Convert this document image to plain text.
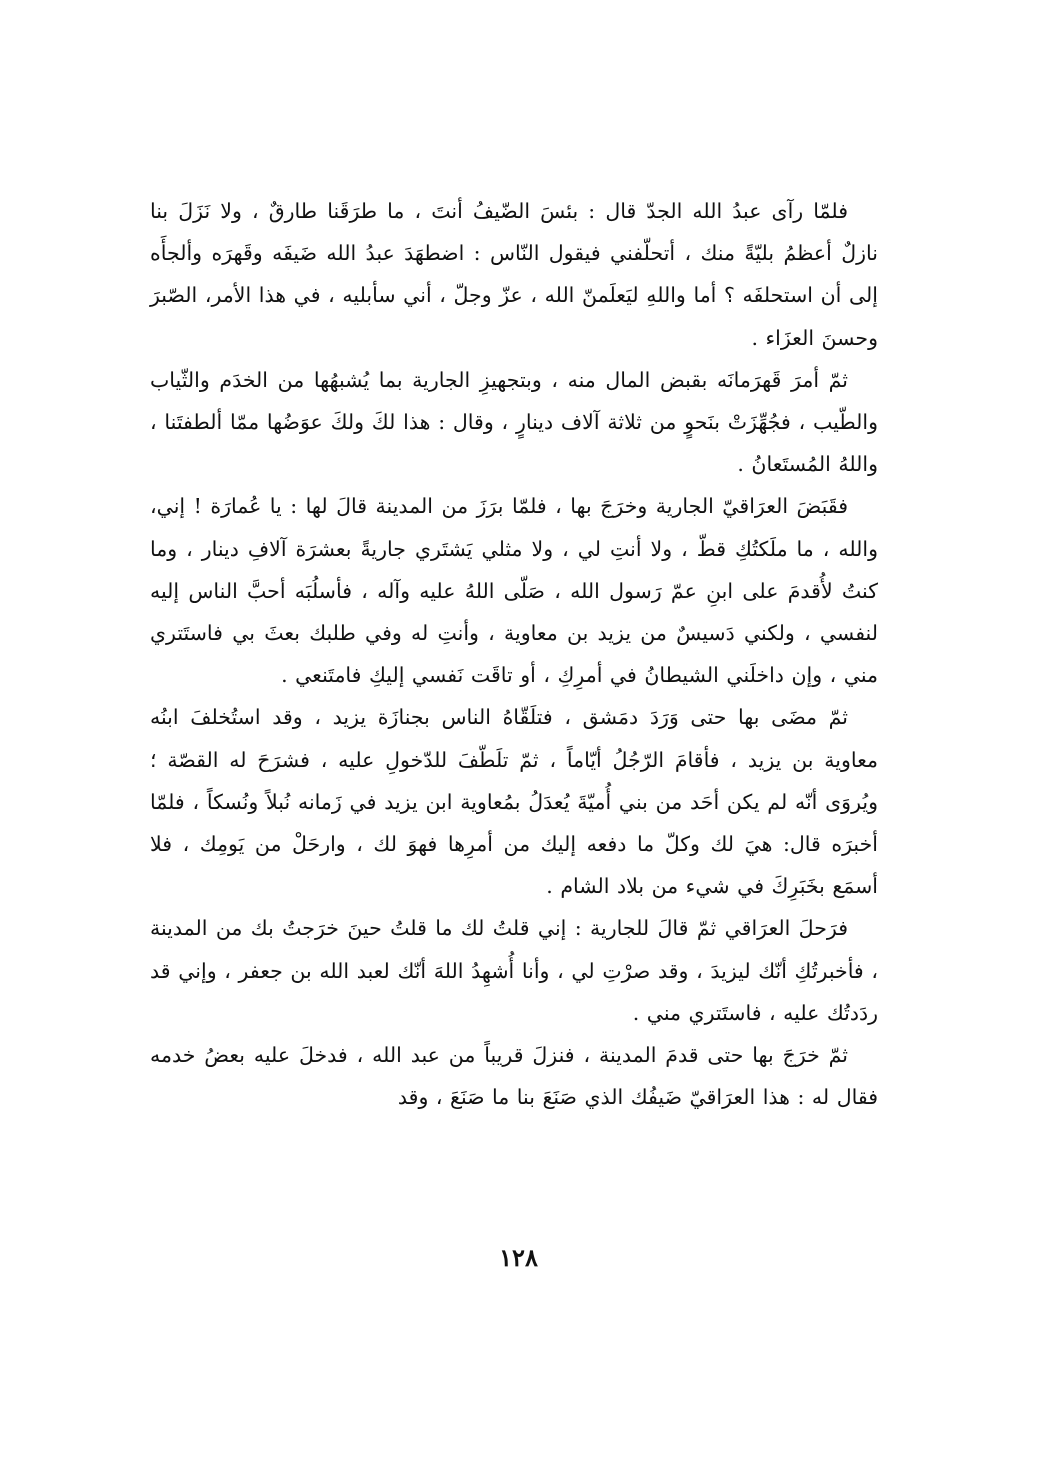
فلمّا رآى عبدُ الله الجدّ قال : بئسَ الضّيفُ أنتَ ، ما طرَقَنا طارقٌ ، ولا نَزَلَ بنا نازلٌ أعظمُ بليّةً منك ، أتحلّفني فيقول النّاس : اضطهَدَ عبدُ الله ضَيفَه وقَهرَه وألجأَه إلى أن استحلفَه ؟ أما واللهِ ليَعلَمنّ الله ، عزّ وجلّ ، أني سأبليه ، في هذا الأمر، الصّبرَ وحسنَ العزَاء .

ثمّ أمرَ قَهرَمانَه بقبض المال منه ، وبتجهيزِ الجارية بما يُشبهُها من الخدَم والثّياب والطّيب ، فجُهِّزَتْ بنَحوٍ من ثلاثة آلاف دينارٍ ، وقال : هذا لكَ ولكَ عوَضُها ممّا ألطفتَنا ، واللهُ المُستَعانُ .

فقَبَضَ العرَاقيّ الجارية وخرَجَ بها ، فلمّا برَزَ من المدينة قالَ لها : يا عُمارَة ! إني، والله ، ما ملَكتُكِ قطّ ، ولا أنتِ لي ، ولا مثلي يَشتَري جاريةً بعشرَة آلافِ دينار ، وما كنتُ لأُقدمَ على ابنِ عمّ رَسول الله ، صَلّى اللهُ عليه وآله ، فأسلُبَه أحبَّ الناس إليه لنفسي ، ولكني دَسيسٌ من يزيد بن معاوية ، وأنتِ له وفي طلبك بعثَ بي فاستَتري مني ، وإن داخلَني الشيطانُ في أمرِكِ ، أو تاقَت نَفسي إليكِ فامتَنعي .

ثمّ مضَى بها حتى وَرَدَ دمَشق ، فتلَقّاهُ الناس بجنازَة يزيد ، وقد استُخلفَ ابنُه معاوية بن يزيد ، فأقامَ الرّجُلُ أيّاماً ، ثمّ تلَطّفَ للدّخولِ عليه ، فشرَحَ له القصّة ؛ ويُروَى أنّه لم يكن أحَد من بني أُميّةَ يُعدَلُ بمُعاوية ابن يزيد في زَمانه نُبلاً ونُسكاً ، فلمّا أخبرَه قال: هيَ لك وكلّ ما دفعه إليك من أمرِها فهوَ لك ، وارحَلْ من يَومِك ، فلا أسمَع بخَبَرِكَ في شيء من بلاد الشام .

فرَحلَ العرَاقي ثمّ قالَ للجارية : إني قلتُ لك ما قلتُ حينَ خرَجتُ بك من المدينة ، فأخبرتُكِ أنّك ليزيدَ ، وقد صرْتِ لي ، وأنا أُشهِدُ اللهَ أنّك لعبد الله بن جعفر ، وإني قد ردَدتُك عليه ، فاستَتري مني .

ثمّ خرَجَ بها حتى قدمَ المدينة ، فنزلَ قريباً من عبد الله ، فدخلَ عليه بعضُ خدمه فقال له : هذا العرَاقيّ ضَيفُك الذي صَنَعَ بنا ما صَنَعَ ، وقد

١٢٨
